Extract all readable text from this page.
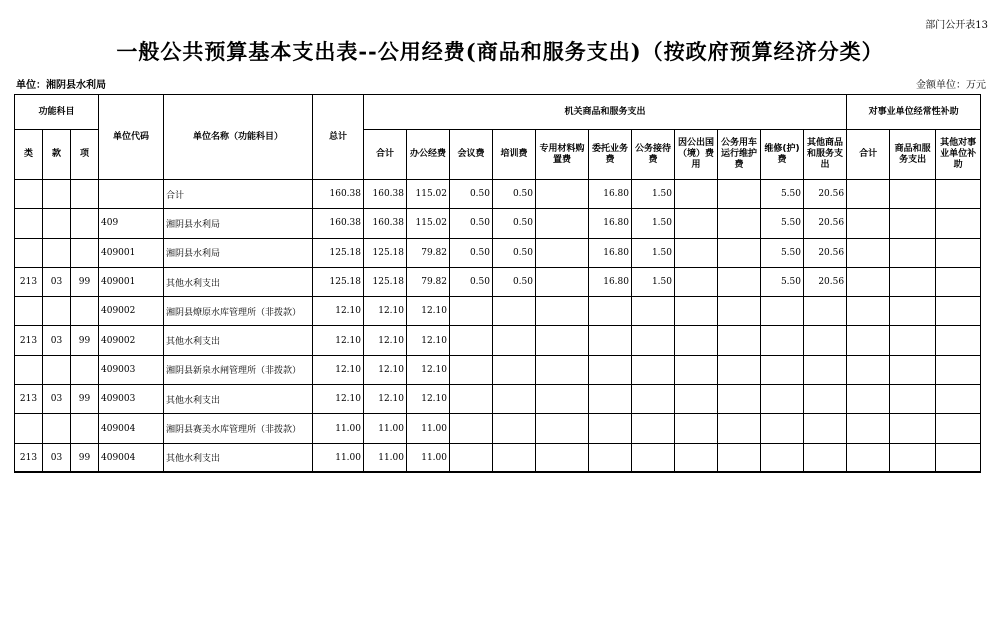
部门公开表13
一般公共预算基本支出表--公用经费(商品和服务支出)（按政府预算经济分类）
单位：湘阴县水利局	金额单位：万元
功能科目			单位代码	单位名称（功能科目）	总计	机关商品和服务支出											对事业单位经常性补助		
类	款	项				合计	办公经费	会议费	培训费	专用材料购置费	委托业务费	公务接待费	因公出国（境）费用	公务用车运行维护费	维修(护)费	其他商品和服务支出	合计	商品和服务支出	其他对事业单位补助
				合计	160.38	160.38	115.02	0.50	0.50		16.80	1.50			5.50	20.56			
			409	湘阴县水利局	160.38	160.38	115.02	0.50	0.50		16.80	1.50			5.50	20.56			
			409001	湘阴县水利局	125.18	125.18	79.82	0.50	0.50		16.80	1.50			5.50	20.56			
213	03	99	409001	其他水利支出	125.18	125.18	79.82	0.50	0.50		16.80	1.50			5.50	20.56			
			409002	湘阴县燎原水库管理所（非拨款）	12.10	12.10	12.10												
213	03	99	409002	其他水利支出	12.10	12.10	12.10												
			409003	湘阴县新泉水闸管理所（非拨款）	12.10	12.10	12.10												
213	03	99	409003	其他水利支出	12.10	12.10	12.10												
			409004	湘阴县赛美水库管理所（非拨款）	11.00	11.00	11.00												
213	03	99	409004	其他水利支出	11.00	11.00	11.00												
